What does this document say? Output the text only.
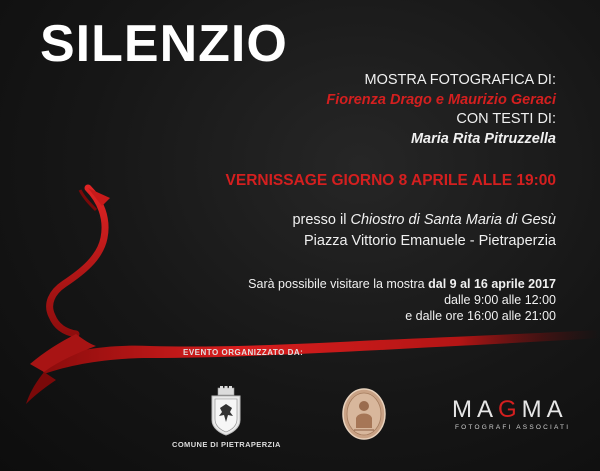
SILENZIO
MOSTRA FOTOGRAFICA DI:
Fiorenza Drago e Maurizio Geraci
CON TESTI DI:
Maria Rita Pitruzzella
VERNISSAGE GIORNO 8 APRILE ALLE 19:00
presso il Chiostro di Santa Maria di Gesù
Piazza Vittorio Emanuele - Pietraperzia
Sarà possibile visitare la mostra dal 9 al 16 aprile 2017
dalle 9:00 alle 12:00
e dalle ore 16:00 alle 21:00
EVENTO ORGANIZZATO DA:
COMUNE DI PIETRAPERZIA
MAGMA
FOTOGRAFI ASSOCIATI
